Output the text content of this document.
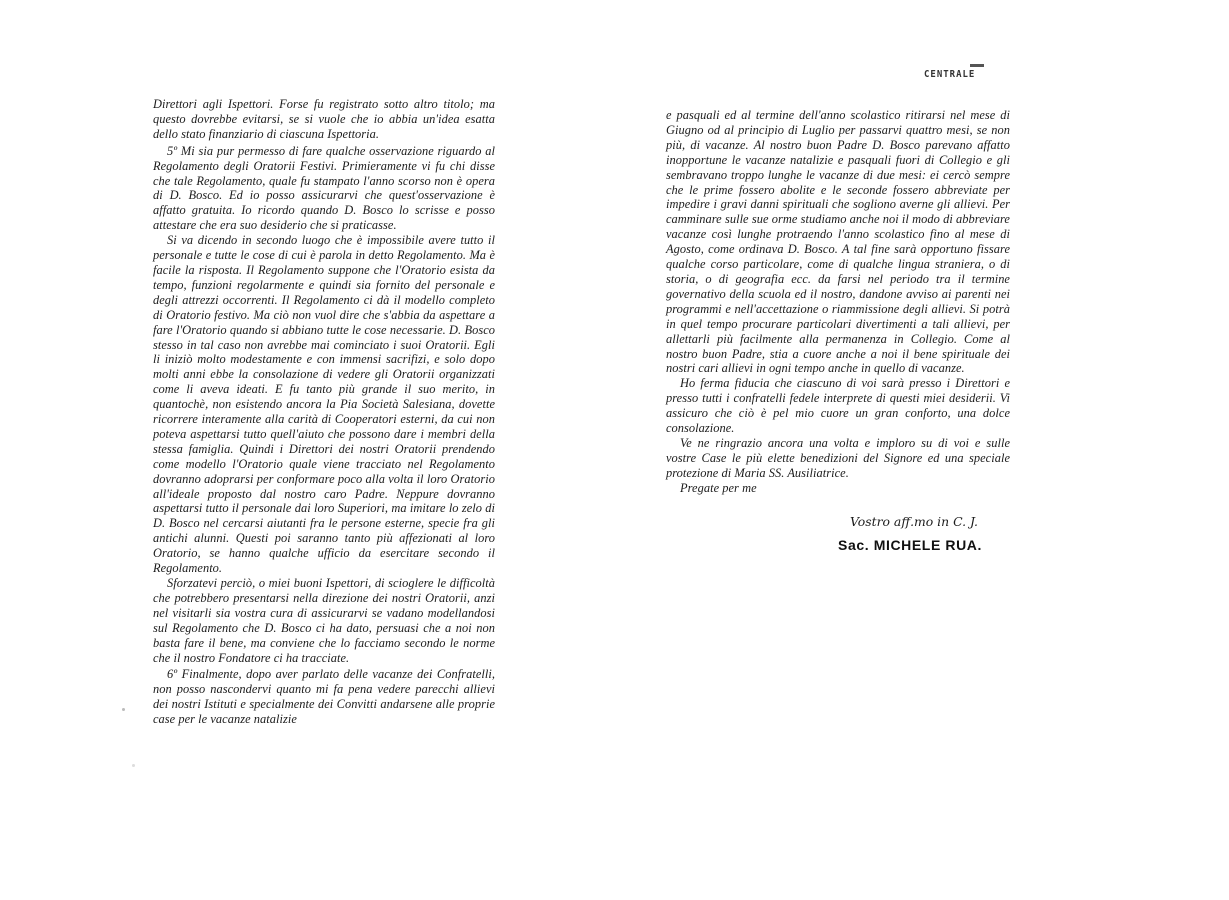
Direttori agli Ispettori. Forse fu registrato sotto altro titolo; ma questo dovrebbe evitarsi, se si vuole che io abbia un'idea esatta dello stato finanziario di ciascuna Ispettoria.

5º Mi sia pur permesso di fare qualche osservazione riguardo al Regolamento degli Oratorii Festivi. Primieramente vi fu chi disse che tale Regolamento, quale fu stampato l'anno scorso non è opera di D. Bosco. Ed io posso assicurarvi che quest'osservazione è affatto gratuita. Io ricordo quando D. Bosco lo scrisse e posso attestare che era suo desiderio che si praticasse.

Si va dicendo in secondo luogo che è impossibile avere tutto il personale e tutte le cose di cui è parola in detto Regolamento. Ma è facile la risposta. Il Regolamento suppone che l'Oratorio esista da tempo, funzioni regolarmente e quindi sia fornito del personale e degli attrezzi occorrenti. Il Regolamento ci dà il modello completo di Oratorio festivo. Ma ciò non vuol dire che s'abbia da aspettare a fare l'Oratorio quando si abbiano tutte le cose necessarie. D. Bosco stesso in tal caso non avrebbe mai cominciato i suoi Oratorii. Egli li iniziò molto modestamente e con immensi sacrifizi, e solo dopo molti anni ebbe la consolazione di vedere gli Oratorii organizzati come li aveva ideati. E fu tanto più grande il suo merito, in quantochè, non esistendo ancora la Pia Società Salesiana, dovette ricorrere interamente alla carità di Cooperatori esterni, da cui non poteva aspettarsi tutto quell'aiuto che possono dare i membri della stessa famiglia. Quindi i Direttori dei nostri Oratorii prendendo come modello l'Oratorio quale viene tracciato nel Regolamento dovranno adoprarsi per conformare poco alla volta il loro Oratorio all'ideale proposto dal nostro caro Padre. Neppure dovranno aspettarsi tutto il personale dai loro Superiori, ma imitare lo zelo di D. Bosco nel cercarsi aiutanti fra le persone esterne, specie fra gli antichi alunni. Questi poi saranno tanto più affezionati al loro Oratorio, se hanno qualche ufficio da esercitare secondo il Regolamento.

Sforzatevi perciò, o miei buoni Ispettori, di scioglere le difficoltà che potrebbero presentarsi nella direzione dei nostri Oratorii, anzi nel visitarli sia vostra cura di assicurarvi se vadano modellandosi sul Regolamento che D. Bosco ci ha dato, persuasi che a noi non basta fare il bene, ma conviene che lo facciamo secondo le norme che il nostro Fondatore ci ha tracciate.

6º Finalmente, dopo aver parlato delle vacanze dei Confratelli, non posso nascondervi quanto mi fa pena vedere parecchi allievi dei nostri Istituti e specialmente dei Convitti andarsene alle proprie case per le vacanze natalizie

CENTRALE

e pasquali ed al termine dell'anno scolastico ritirarsi nel mese di Giugno od al principio di Luglio per passarvi quattro mesi, se non più, di vacanze. Al nostro buon Padre D. Bosco parevano affatto inopportune le vacanze natalizie e pasquali fuori di Collegio e gli sembravano troppo lunghe le vacanze di due mesi: ei cercò sempre che le prime fossero abolite e le seconde fossero abbreviate per impedire i gravi danni spirituali che sogliono averne gli allievi. Per camminare sulle sue orme studiamo anche noi il modo di abbreviare vacanze così lunghe protraendo l'anno scolastico fino al mese di Agosto, come ordinava D. Bosco. A tal fine sarà opportuno fissare qualche corso particolare, come di qualche lingua straniera, o di storia, o di geografia ecc. da farsi nel periodo tra il termine governativo della scuola ed il nostro, dandone avviso ai parenti nei programmi e nell'accettazione o riammissione degli allievi. Si potrà in quel tempo procurare particolari divertimenti a tali allievi, per allettarli più facilmente alla permanenza in Collegio. Come al nostro buon Padre, stia a cuore anche a noi il bene spirituale dei nostri cari allievi in ogni tempo anche in quello di vacanze.

Ho ferma fiducia che ciascuno di voi sarà presso i Direttori e presso tutti i confratelli fedele interprete di questi miei desiderii. Vi assicuro che ciò è pel mio cuore un gran conforto, una dolce consolazione.

Ve ne ringrazio ancora una volta e imploro su di voi e sulle vostre Case le più elette benedizioni del Signore ed una speciale protezione di Maria SS. Ausiliatrice.

Pregate per me

Vostro aff.mo in C. J.
Sac. MICHELE RUA.
